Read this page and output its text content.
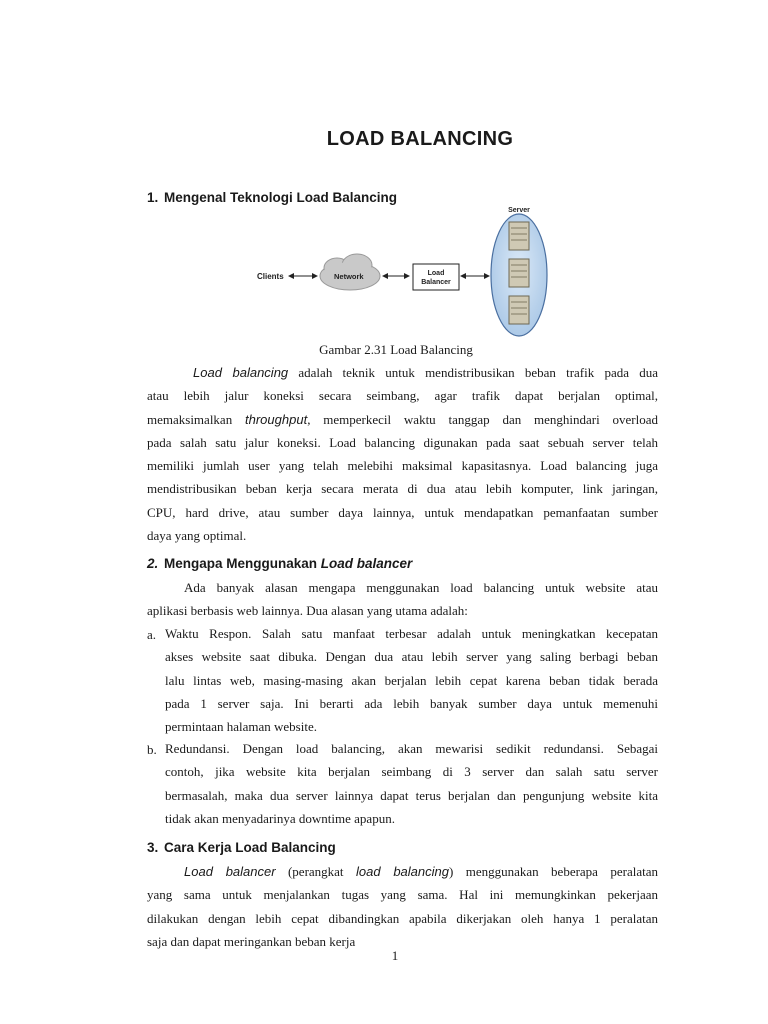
LOAD BALANCING
1. Mengenal Teknologi Load Balancing
Clients	Network	Load
Balancer
Server
Gambar 2.31 Load Balancing
Load balancing adalah teknik untuk mendistribusikan beban trafik pada dua
atau lebih jalur koneksi secara seimbang, agar trafik dapat berjalan optimal,
memaksimalkan throughput, memperkecil waktu tanggap dan menghindari overload
pada salah satu jalur koneksi. Load balancing digunakan pada saat sebuah server telah
memiliki jumlah user yang telah melebihi maksimal kapasitasnya. Load balancing juga
mendistribusikan beban kerja secara merata di dua atau lebih komputer, link jaringan,
CPU, hard drive, atau sumber daya lainnya, untuk mendapatkan pemanfaatan sumber
daya yang optimal.
2. Mengapa Menggunakan Load balancer
Ada banyak alasan mengapa menggunakan load balancing untuk website atau
aplikasi berbasis web lainnya. Dua alasan yang utama adalah:
a. Waktu Respon. Salah satu manfaat terbesar adalah untuk meningkatkan kecepatan
akses website saat dibuka. Dengan dua atau lebih server yang saling berbagi beban
lalu lintas web, masing-masing akan berjalan lebih cepat karena beban tidak berada
pada 1 server saja. Ini berarti ada lebih banyak sumber daya untuk memenuhi
permintaan halaman website.
b. Redundansi. Dengan load balancing, akan mewarisi sedikit redundansi. Sebagai
contoh, jika website kita berjalan seimbang di 3 server dan salah satu server
bermasalah, maka dua server lainnya dapat terus berjalan dan pengunjung website kita
tidak akan menyadarinya downtime apapun.
3. Cara Kerja Load Balancing
Load balancer (perangkat load balancing) menggunakan beberapa peralatan
yang sama untuk menjalankan tugas yang sama. Hal ini memungkinkan pekerjaan
dilakukan dengan lebih cepat dibandingkan apabila dikerjakan oleh hanya 1 peralatan
saja dan dapat meringankan beban kerja
1
